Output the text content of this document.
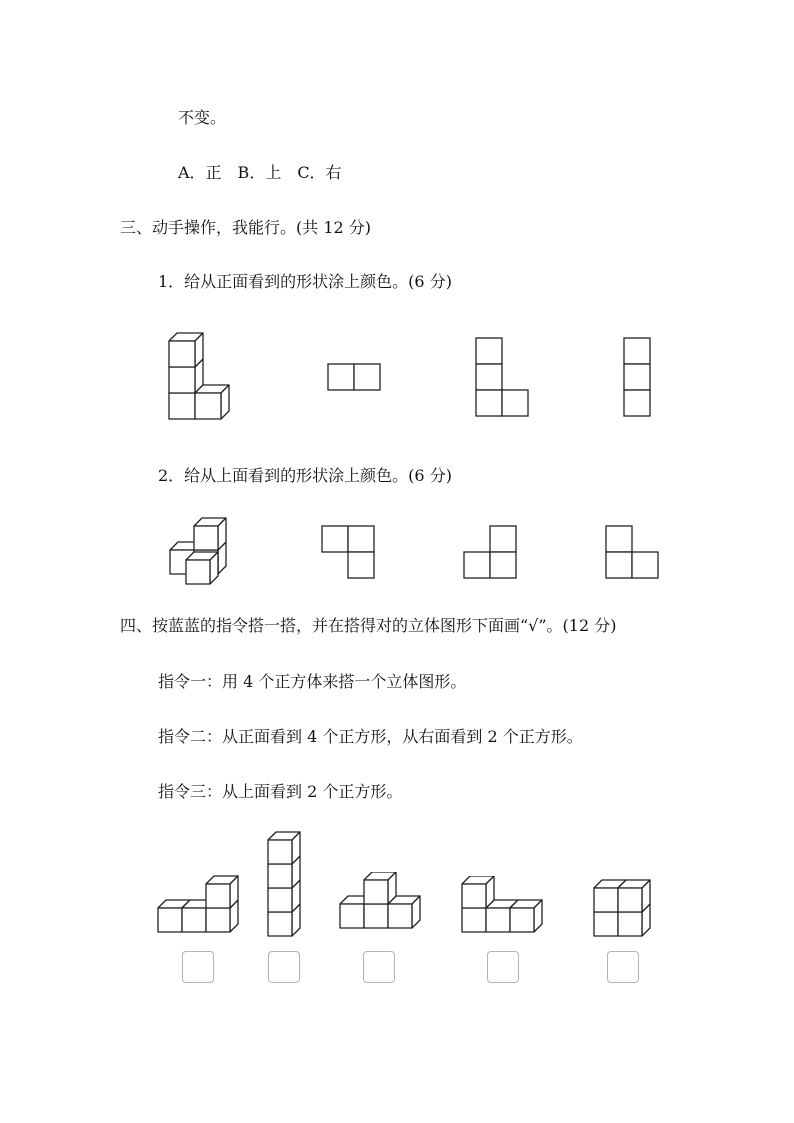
不变。
A．正　B．上　C．右
三、动手操作，我能行。(共 12 分)
1．给从正面看到的形状涂上颜色。(6 分)
2．给从上面看到的形状涂上颜色。(6 分)
四、按蓝蓝的指令搭一搭，并在搭得对的立体图形下面画“√”。(12 分)
指令一：用 4 个正方体来搭一个立体图形。
指令二：从正面看到 4 个正方形，从右面看到 2 个正方形。
指令三：从上面看到 2 个正方形。
